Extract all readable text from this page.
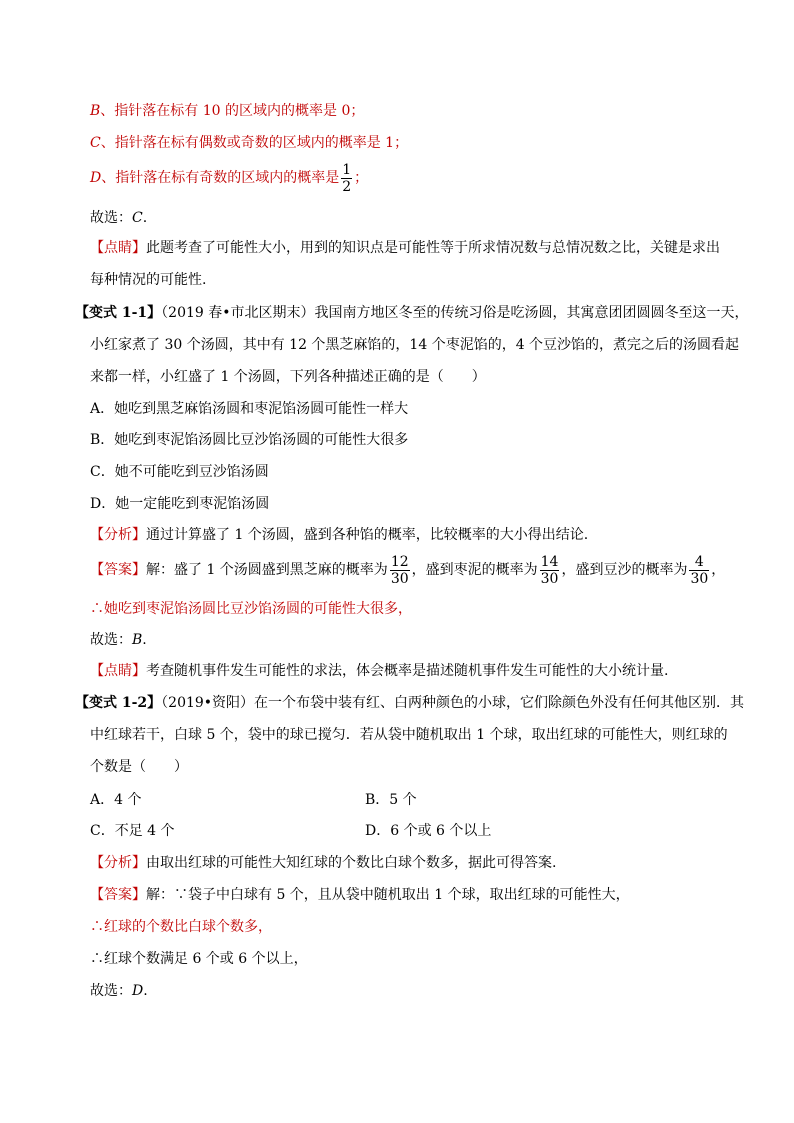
B、指针落在标有 10 的区域内的概率是 0；
C、指针落在标有偶数或奇数的区域内的概率是 1；
D、指针落在标有奇数的区域内的概率是 $\frac{1}{2}$ ；
故选：C.
【点睛】此题考查了可能性大小，用到的知识点是可能性等于所求情况数与总情况数之比，关键是求出
每种情况的可能性.
【变式 1-1】（2019 春•市北区期末）我国南方地区冬至的传统习俗是吃汤圆，其寓意团团圆圆冬至这一天，
小红家煮了 30 个汤圆，其中有 12 个黑芝麻馅的，14 个枣泥馅的，4 个豆沙馅的，煮完之后的汤圆看起
来都一样，小红盛了 1 个汤圆，下列各种描述正确的是（　　）
A．她吃到黑芝麻馅汤圆和枣泥馅汤圆可能性一样大
B．她吃到枣泥馅汤圆比豆沙馅汤圆的可能性大很多
C．她不可能吃到豆沙馅汤圆
D．她一定能吃到枣泥馅汤圆
【分析】通过计算盛了 1 个汤圆，盛到各种馅的概率，比较概率的大小得出结论.
【答案】解：盛了 1 个汤圆盛到黑芝麻的概率为 $\frac{12}{30}$ ，盛到枣泥的概率为 $\frac{14}{30}$ ，盛到豆沙的概率为 $\frac{4}{30}$ ，
∴她吃到枣泥馅汤圆比豆沙馅汤圆的可能性大很多，
故选：B.
【点睛】考查随机事件发生可能性的求法，体会概率是描述随机事件发生可能性的大小统计量.
【变式 1-2】（2019•资阳）在一个布袋中装有红、白两种颜色的小球，它们除颜色外没有任何其他区别．其
中红球若干，白球 5 个，袋中的球已搅匀．若从袋中随机取出 1 个球，取出红球的可能性大，则红球的
个数是（　　）
A．4 个	B．5 个
C．不足 4 个	D．6 个或 6 个以上
【分析】由取出红球的可能性大知红球的个数比白球个数多，据此可得答案.
【答案】解：∵袋子中白球有 5 个，且从袋中随机取出 1 个球，取出红球的可能性大，
∴红球的个数比白球个数多，
∴红球个数满足 6 个或 6 个以上，
故选：D.
